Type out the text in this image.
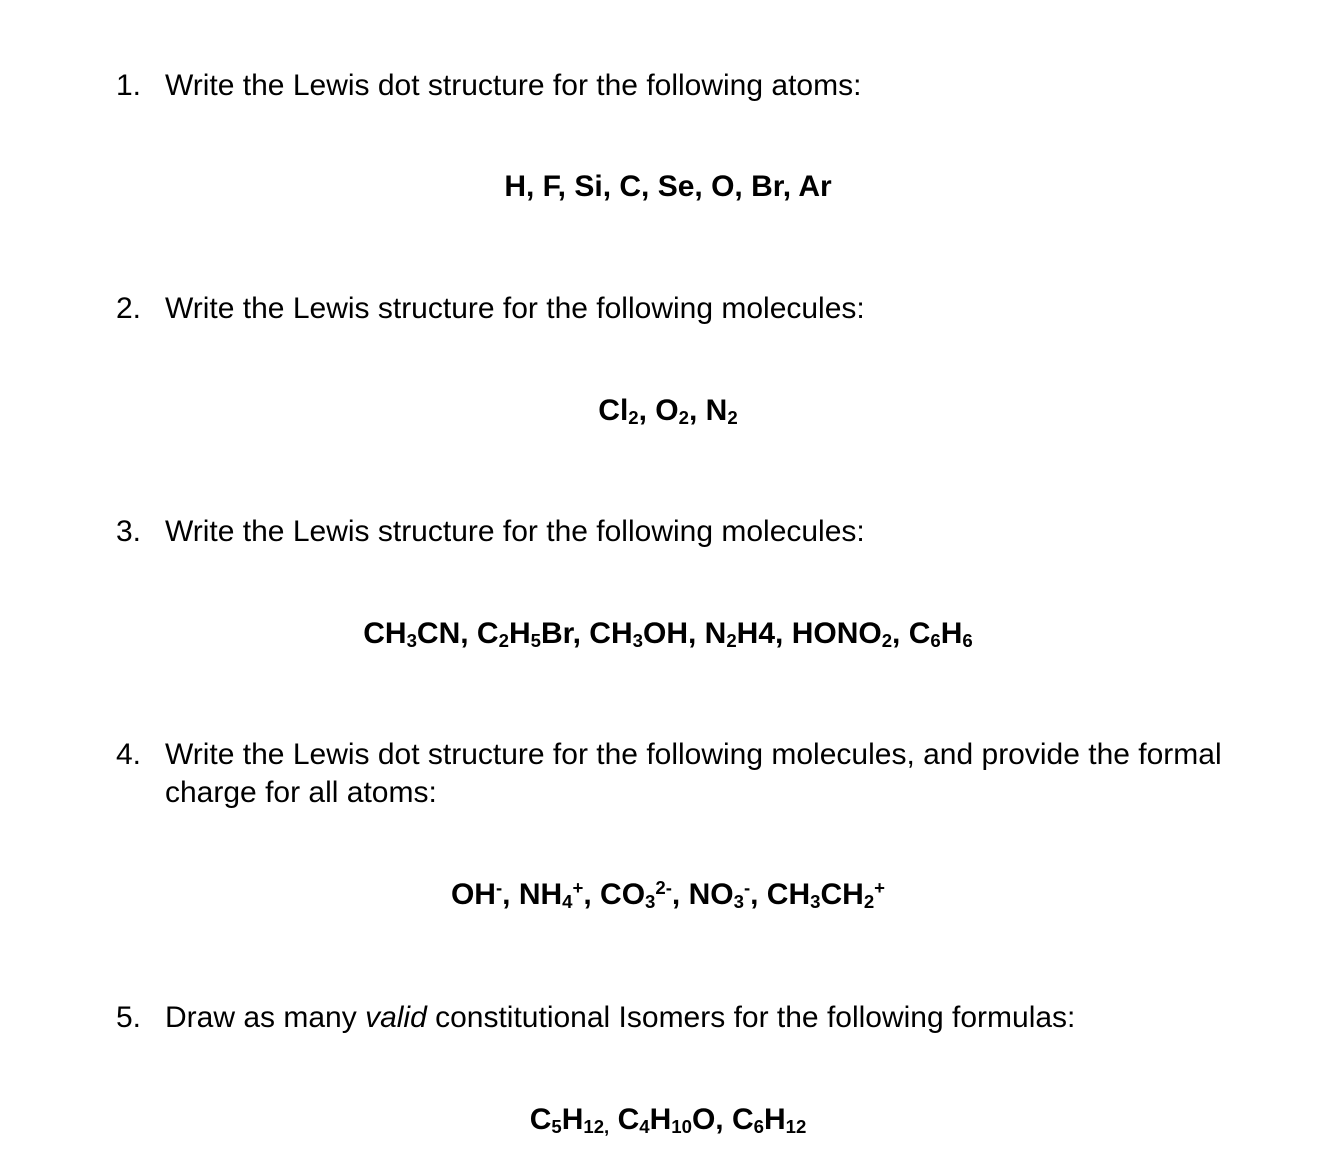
1. Write the Lewis dot structure for the following atoms:
H, F, Si, C, Se, O, Br, Ar
2. Write the Lewis structure for the following molecules:
$Cl_2$, $O_2$, $N_2$
3. Write the Lewis structure for the following molecules:
$CH_3CN$, $C_2H_5Br$, $CH_3OH$, $N_2H4$, $HONO_2$, $C_6H_6$
4. Write the Lewis dot structure for the following molecules, and provide the formal
charge for all atoms:
OH-, $NH_4^+$, $CO_3^{2-}$, $NO_3^-$, $CH_3CH_2^+$
5. Draw as many valid constitutional Isomers for the following formulas:
$C_5H_{12,}$ $C_4H_{10}O$, $C_6H_{12}$
